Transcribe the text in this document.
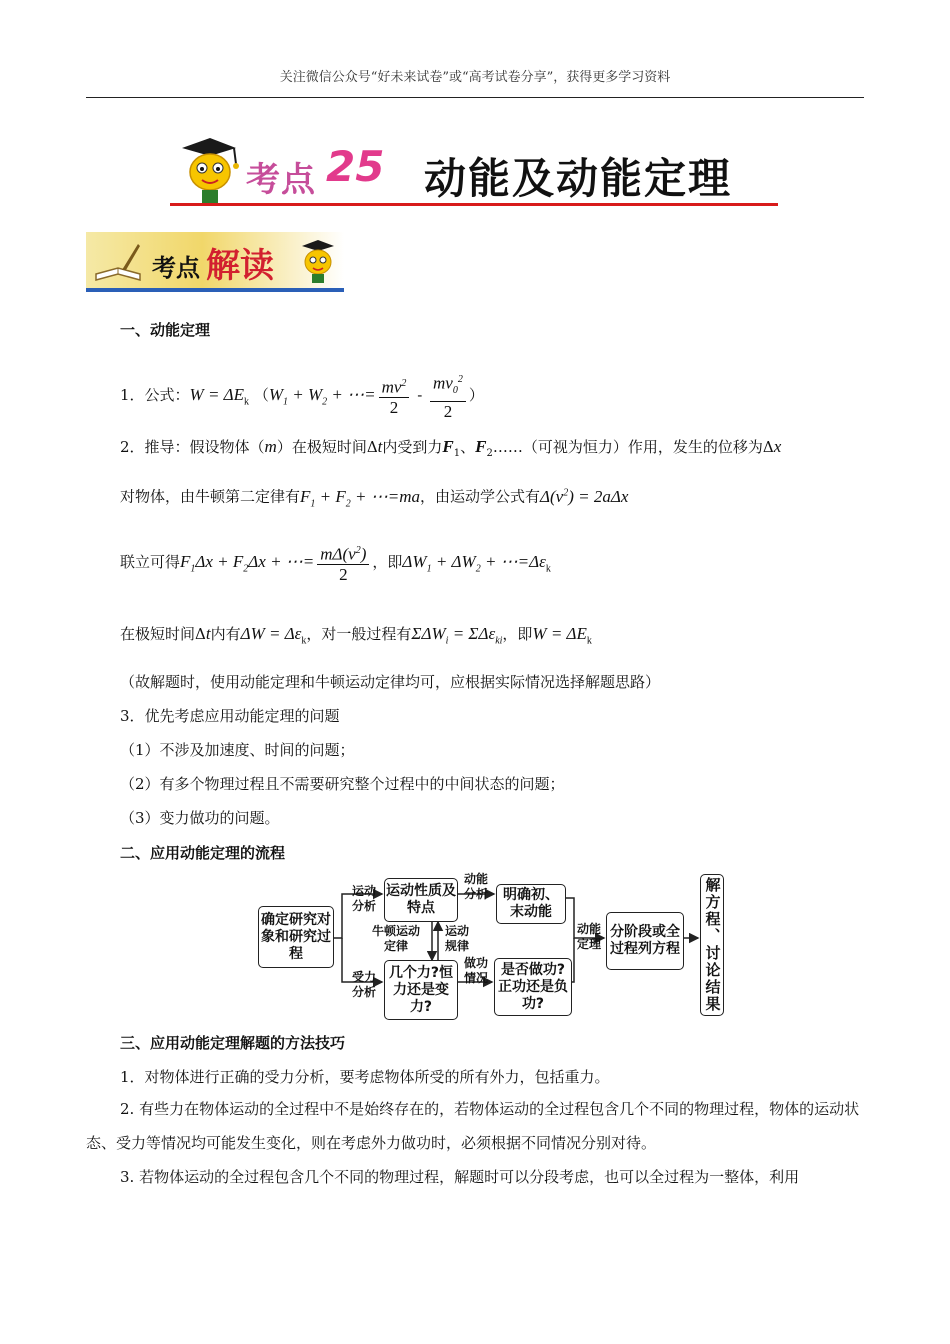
关注微信公众号“好未来试卷”或“高考试卷分享”，获得更多学习资料
考点 25 动能及动能定理
考点 解读
一、动能定理
1．公式：$W = \Delta E_k$ （$W_1 + W_2$ + ⋯= $\frac{mv^2}{2} - \frac{mv_0^2}{2}$ ）
2．推导：假设物体（m）在极短时间Δt内受到力$F_1$、$F_2\dots\dots$（可视为恒力）作用，发生的位移为Δx
对物体，由牛顿第二定律有$F_1 + F_2$ + ⋯=ma，由运动学公式有$\Delta(v^2) = 2a\Delta x$
联立可得$F_1\Delta x + F_2\Delta x$ + ⋯= $\frac{m\Delta(v^2)}{2}$ ，即$\Delta W_1 + \Delta W_2$ + $\cdots=\Delta\varepsilon_k$
在极短时间Δt内有$\Delta W = \Delta\varepsilon_k$，对一般过程有$\Sigma\Delta W_i = \Sigma\Delta\varepsilon_{ki}$，即$W = \Delta E_k$
（故解题时，使用动能定理和牛顿运动定律均可，应根据实际情况选择解题思路）
3．优先考虑应用动能定理的问题
（1）不涉及加速度、时间的问题；
（2）有多个物理过程且不需要研究整个过程中的中间状态的问题；
（3）变力做功的问题。
二、应用动能定理的流程
确定研究对象和研究过程
运动分析
受力分析
运动性质及特点
几个力?恒力还是变力?
牛顿运动定律
运动规律
动能分析
做功情况
明确初、末动能
是否做功?正功还是负功?
动能定理
分阶段或全过程列方程 解方程、讨论结果
三、应用动能定理解题的方法技巧
1．对物体进行正确的受力分析，要考虑物体所受的所有外力，包括重力。
2. 有些力在物体运动的全过程中不是始终存在的，若物体运动的全过程包含几个不同的物理过程，物体的运动状态、受力等情况均可能发生变化，则在考虑外力做功时，必须根据不同情况分别对待。
3. 若物体运动的全过程包含几个不同的物理过程，解题时可以分段考虑，也可以全过程为一整体，利用
